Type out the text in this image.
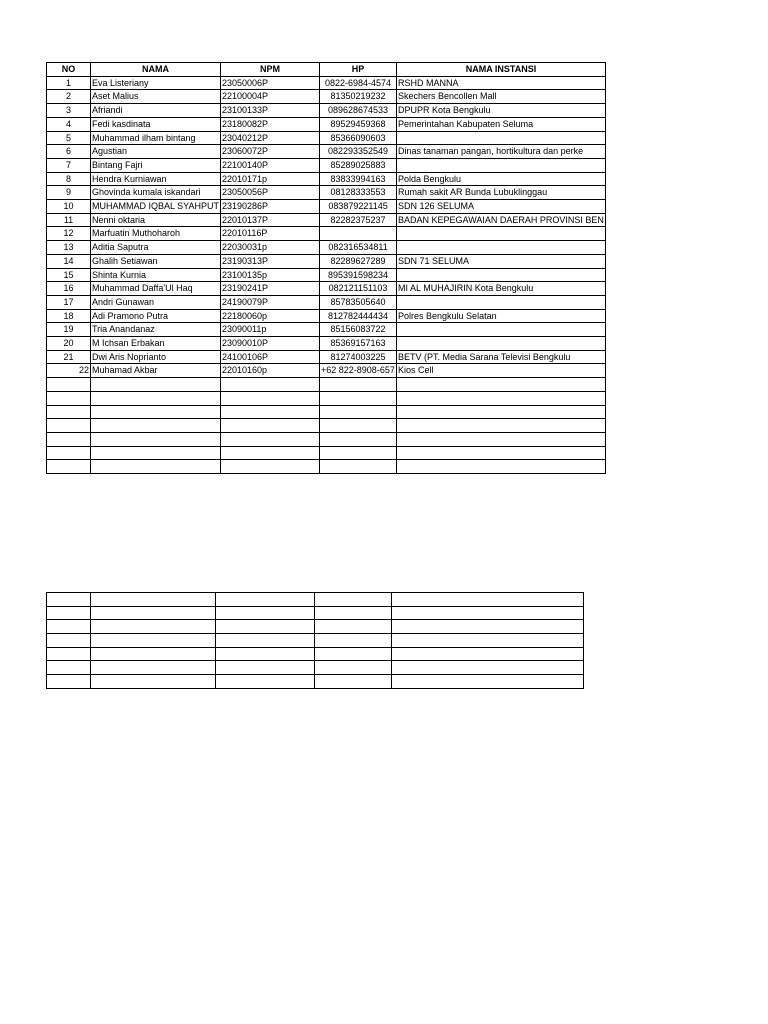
NO	NAMA	NPM	HP	NAMA INSTANSI
1	Eva Listeriany	23050006P	0822-6984-4574	RSHD MANNA
2	Aset Malius	22100004P	81350219232	Skechers Bencollen Mall
3	Afriandi	23100133P	089628674533	DPUPR Kota Bengkulu
4	Fedi kasdinata	23180082P	89529459368	Pemerintahan Kabupaten Seluma
5	Muhammad ilham bintang	23040212P	85366090603	
6	Agustian	23060072P	082293352549	Dinas tanaman pangan, hortikultura dan perke
7	Bintang Fajri	22100140P	85289025883	
8	Hendra Kurniawan	22010171p	83833994163	Polda Bengkulu
9	Ghovinda kumala iskandari	23050056P	08128333553	Rumah sakit AR Bunda Lubuklinggau
10	MUHAMMAD IQBAL SYAHPUT	23190286P	083879221145	SDN 126 SELUMA
11	Nenni oktaria	22010137P	82282375237	BADAN KEPEGAWAIAN DAERAH PROVINSI BEN
12	Marfuatin Muthoharoh	22010116P		
13	Aditia Saputra	22030031p	082316534811	
14	Ghalih Setiawan	23190313P	82289627289	SDN 71 SELUMA
15	Shinta Kurnia	23100135p	895391598234	
16	Muhammad Daffa'Ul Haq	23190241P	082121151103	MI AL MUHAJIRIN Kota Bengkulu
17	Andri Gunawan	24190079P	85783505640	
18	Adi Pramono Putra	22180060p	812782444434	Polres Bengkulu Selatan
19	Tria Anandanaz	23090011p	85156083722	
20	M Ichsan Erbakan	23090010P	85369157163	
21	Dwi Aris Noprianto	24100106P	81274003225	BETV (PT. Media Sarana Televisi Bengkulu
22	Muhamad Akbar	22010160p	+62 822-8908-657	Kios Cell
